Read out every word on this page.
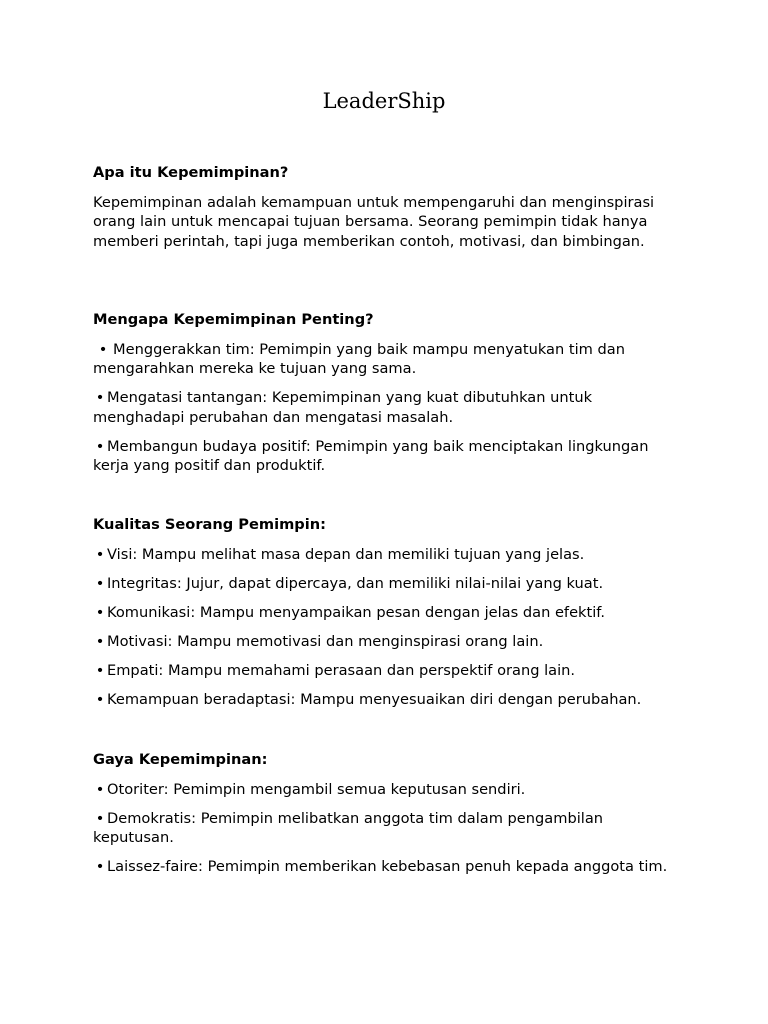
LeaderShip

Apa itu Kepemimpinan?

Kepemimpinan adalah kemampuan untuk mempengaruhi dan menginspirasi orang lain untuk mencapai tujuan bersama. Seorang pemimpin tidak hanya memberi perintah, tapi juga memberikan contoh, motivasi, dan bimbingan.

Mengapa Kepemimpinan Penting?

• Menggerakkan tim: Pemimpin yang baik mampu menyatukan tim dan mengarahkan mereka ke tujuan yang sama.

• Mengatasi tantangan: Kepemimpinan yang kuat dibutuhkan untuk menghadapi perubahan dan mengatasi masalah.

• Membangun budaya positif: Pemimpin yang baik menciptakan lingkungan kerja yang positif dan produktif.

Kualitas Seorang Pemimpin:

• Visi: Mampu melihat masa depan dan memiliki tujuan yang jelas.

• Integritas: Jujur, dapat dipercaya, dan memiliki nilai-nilai yang kuat.

• Komunikasi: Mampu menyampaikan pesan dengan jelas dan efektif.

• Motivasi: Mampu memotivasi dan menginspirasi orang lain.

• Empati: Mampu memahami perasaan dan perspektif orang lain.

• Kemampuan beradaptasi: Mampu menyesuaikan diri dengan perubahan.

Gaya Kepemimpinan:

• Otoriter: Pemimpin mengambil semua keputusan sendiri.

• Demokratis: Pemimpin melibatkan anggota tim dalam pengambilan keputusan.

• Laissez-faire: Pemimpin memberikan kebebasan penuh kepada anggota tim.
